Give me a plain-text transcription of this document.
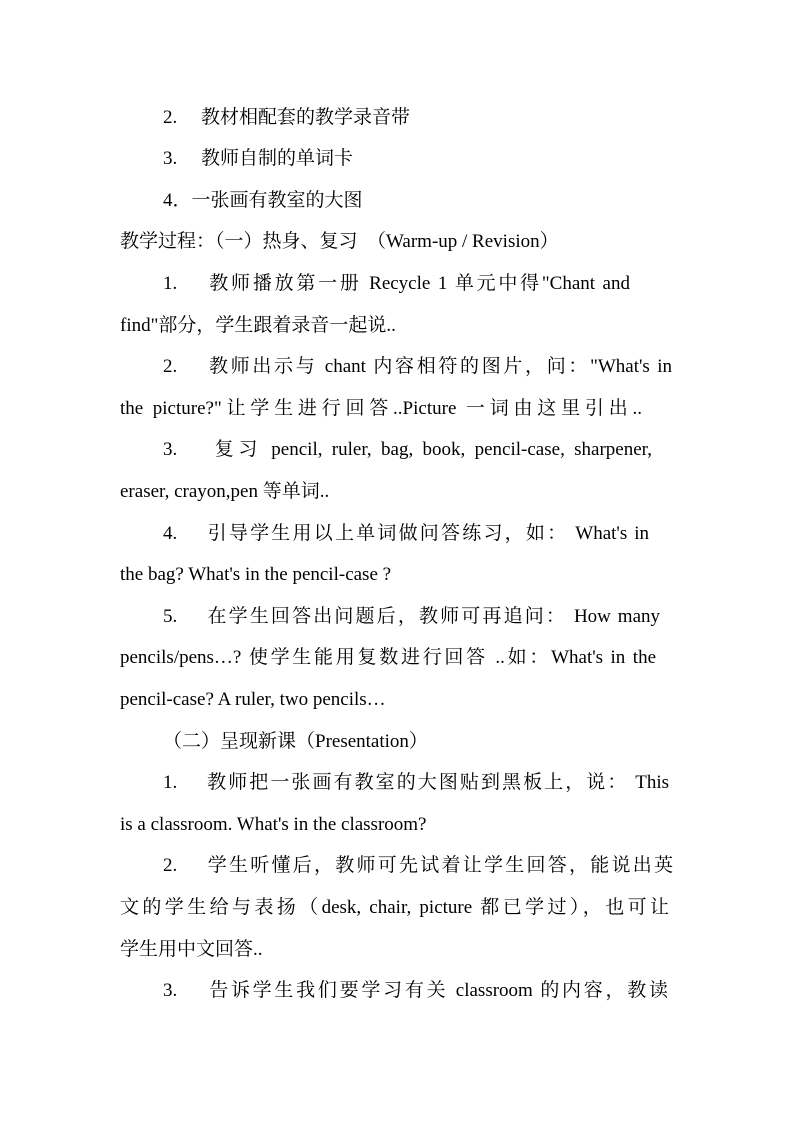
2.　 教材相配套的教学录音带
3.　 教师自制的单词卡
4．一张画有教室的大图
教学过程：（一）热身、复习　（Warm-up / Revision）
1.　 教师播放第一册 Recycle 1 单元中得"Chant and
find"部分，学生跟着录音一起说..
2.　 教师出示与 chant 内容相符的图片，问："What's in
the picture?"让学生进行回答..Picture 一词由这里引出..
3.　 复习 pencil, ruler, bag, book, pencil-case, sharpener,
eraser, crayon,pen 等单词..
4.　 引导学生用以上单词做问答练习，如： What's in
the bag? What's in the pencil-case ?
5.　 在学生回答出问题后，教师可再追问： How many
pencils/pens…? 使学生能用复数进行回答 ..如：What's in the
pencil-case? A ruler, two pencils…
（二）呈现新课（Presentation）
1.　 教师把一张画有教室的大图贴到黑板上，说： This
is a classroom. What's in the classroom?
2.　 学生听懂后，教师可先试着让学生回答，能说出英
文的学生给与表扬（desk, chair, picture 都已学过），也可让
学生用中文回答..
3.　 告诉学生我们要学习有关 classroom 的内容，教读
